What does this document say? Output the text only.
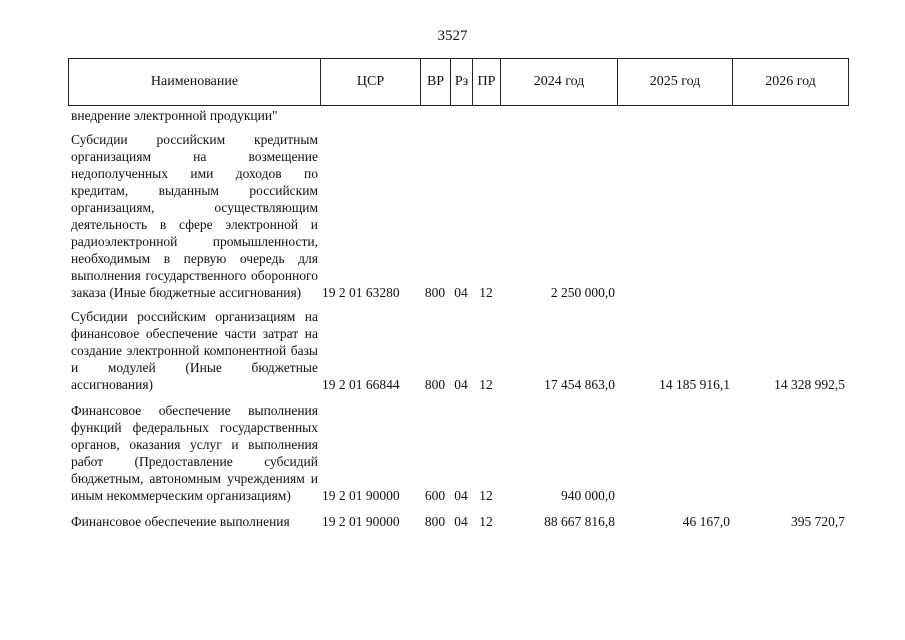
3527
Наименование	ЦСР	ВР Рз ПР	2024 год	2025 год	2026 год
внедрение электронной продукции"
Субсидии российским кредитным организациям на возмещение недополученных ими доходов по кредитам, выданным российским организациям, осуществляющим деятельность в сфере электронной и радиоэлектронной промышленности, необходимым в первую очередь для выполнения государственного оборонного заказа (Иные бюджетные ассигнования)	19 2 01 63280	800 04 12	2 250 000,0
Субсидии российским организациям на финансовое обеспечение части затрат на создание электронной компонентной базы и модулей (Иные бюджетные ассигнования)	19 2 01 66844	800 04 12	17 454 863,0	14 185 916,1	14 328 992,5
Финансовое обеспечение выполнения функций федеральных государственных органов, оказания услуг и выполнения работ (Предоставление субсидий бюджетным, автономным учреждениям и иным некоммерческим организациям)	19 2 01 90000	600 04 12	940 000,0
Финансовое обеспечение выполнения	19 2 01 90000	800 04 12	88 667 816,8	46 167,0	395 720,7
